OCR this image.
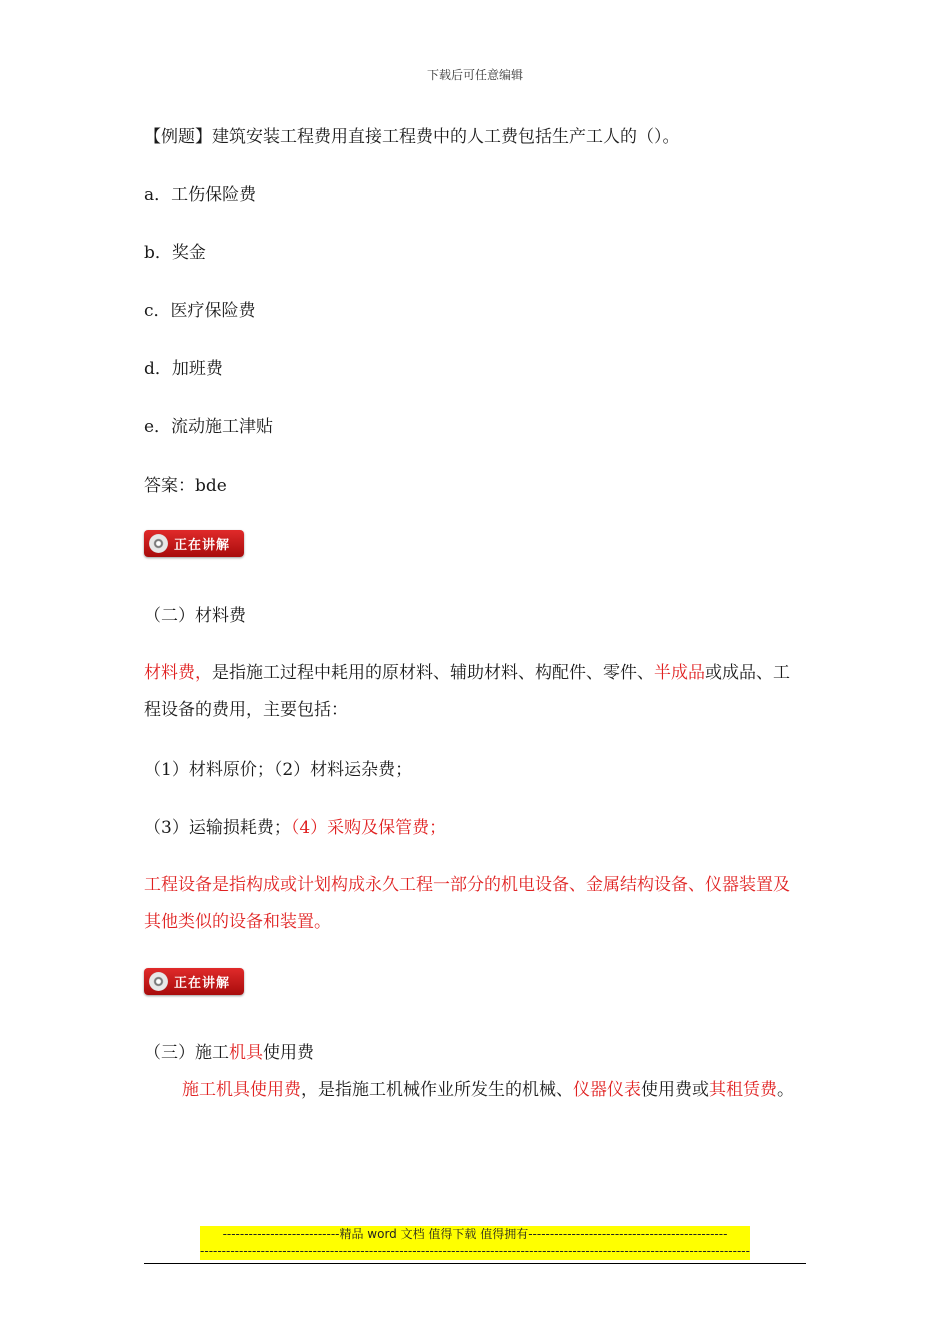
下载后可任意编辑
【例题】建筑安装工程费用直接工程费中的人工费包括生产工人的（）。
a．工伤保险费
b．奖金
c．医疗保险费
d．加班费
e．流动施工津贴
答案：bde
正在讲解
（二）材料费
材料费，是指施工过程中耗用的原材料、辅助材料、构配件、零件、半成品或成品、工程设备的费用，主要包括：
（1）材料原价；（2）材料运杂费；
（3）运输损耗费；（4）采购及保管费；
工程设备是指构成或计划构成永久工程一部分的机电设备、金属结构设备、仪器装置及其他类似的设备和装置。
正在讲解
（三）施工机具使用费
施工机具使用费，是指施工机械作业所发生的机械、仪器仪表使用费或其租赁费。
---------------------------精品 word 文档 值得下载 值得拥有----------------------------------------------
-------------------------------------------------------------------------------------------------------------------------------
